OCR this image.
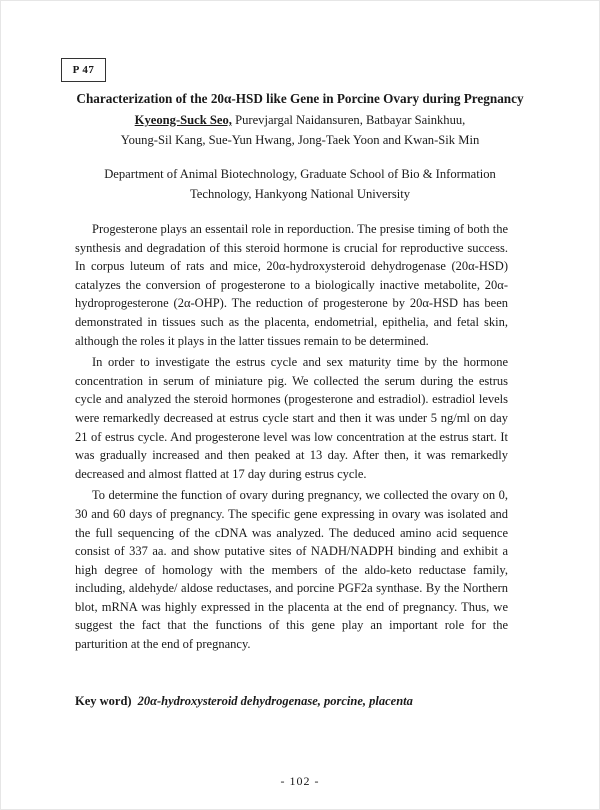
P 47
Characterization of the 20α-HSD like Gene in Porcine Ovary during Pregnancy
Kyeong-Suck Seo, Purevjargal Naidansuren, Batbayar Sainkhuu,
Young-Sil Kang, Sue-Yun Hwang, Jong-Taek Yoon and Kwan-Sik Min
Department of Animal Biotechnology, Graduate School of Bio & Information
Technology, Hankyong National University

Progesterone plays an essentail role in reporduction. The presise timing of both the synthesis and degradation of this steroid hormone is crucial for reproductive success. In corpus luteum of rats and mice, 20α-hydroxysteroid dehydrogenase (20α-HSD) catalyzes the conversion of progesterone to a biologically inactive metabolite, 20α-hydroprogesterone (2α-OHP). The reduction of progesterone by 20α-HSD has been demonstrated in tissues such as the placenta, endometrial, epithelia, and fetal skin, although the roles it plays in the latter tissues remain to be determined.

In order to investigate the estrus cycle and sex maturity time by the hormone concentration in serum of miniature pig. We collected the serum during the estrus cycle and analyzed the steroid hormones (progesterone and estradiol). estradiol levels were remarkedly decreased at estrus cycle start and then it was under 5 ng/ml on day 21 of estrus cycle. And progesterone level was low concentration at the estrus start. It was gradually increased and then peaked at 13 day. After then, it was remarkedly decreased and almost flatted at 17 day during estrus cycle.

To determine the function of ovary during pregnancy, we collected the ovary on 0, 30 and 60 days of pregnancy. The specific gene expressing in ovary was isolated and the full sequencing of the cDNA was analyzed. The deduced amino acid sequence consist of 337 aa. and show putative sites of NADH/NADPH binding and exhibit a high degree of homology with the members of the aldo-keto reductase family, including, aldehyde/ aldose reductases, and porcine PGF2a synthase. By the Northern blot, mRNA was highly expressed in the placenta at the end of pregnancy. Thus, we suggest the fact that the functions of this gene play an important role for the parturition at the end of pregnancy.

Key word) 20α-hydroxysteroid dehydrogenase, porcine, placenta
- 102 -
